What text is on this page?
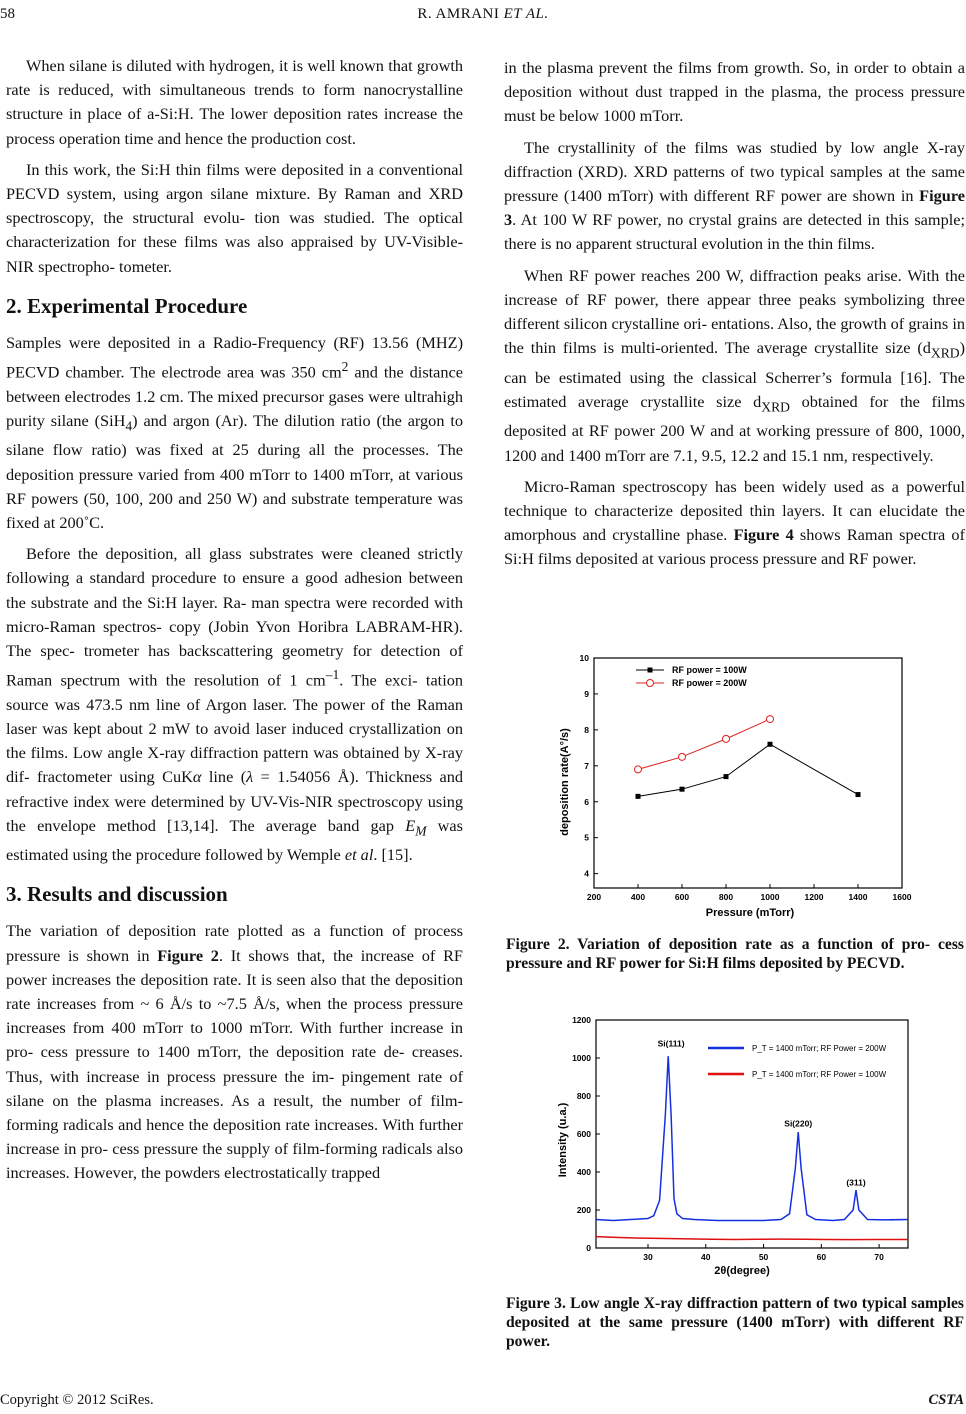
58	R. AMRANI ET AL.

When silane is diluted with hydrogen, it is well known that growth rate is reduced, with simultaneous trends to form nanocrystalline structure in place of a-Si:H. The lower deposition rates increase the process operation time and hence the production cost.

In this work, the Si:H thin films were deposited in a conventional PECVD system, using argon silane mixture. By Raman and XRD spectroscopy, the structural evolu- tion was studied. The optical characterization for these films was also appraised by UV-Visible-NIR spectropho- tometer.

2. Experimental Procedure

Samples were deposited in a Radio-Frequency (RF) 13.56 (MHZ) PECVD chamber. The electrode area was 350 $cm^2$ and the distance between electrodes 1.2 cm. The mixed precursor gases were ultrahigh purity silane (SiH$_4$) and argon (Ar). The dilution ratio (the argon to silane flow ratio) was fixed at 25 during all the processes. The deposition pressure varied from 400 mTorr to 1400 mTorr, at various RF powers (50, 100, 200 and 250 W) and substrate temperature was fixed at 200˚C.

Before the deposition, all glass substrates were cleaned strictly following a standard procedure to ensure a good adhesion between the substrate and the Si:H layer. Ra- man spectra were recorded with micro-Raman spectros- copy (Jobin Yvon Horibra LABRAM-HR). The spec- trometer has backscattering geometry for detection of Raman spectrum with the resolution of 1 $cm^{-1}$. The exci- tation source was 473.5 nm line of Argon laser. The power of the Raman laser was kept about 2 mW to avoid laser induced crystallization on the films. Low angle X-ray diffraction pattern was obtained by X-ray dif- fractometer using CuKα line (λ = 1.54056 Å). Thickness and refractive index were determined by UV-Vis-NIR spectroscopy using the envelope method [13,14]. The average band gap $E_M$ was estimated using the procedure followed by Wemple et al. [15].

3. Results and discussion

The variation of deposition rate plotted as a function of process pressure is shown in Figure 2. It shows that, the increase of RF power increases the deposition rate. It is seen also that the deposition rate increases from ~ 6 Å/s to ~7.5 Å/s, when the process pressure increases from 400 mTorr to 1000 mTorr. With further increase in pro- cess pressure to 1400 mTorr, the deposition rate de- creases. Thus, with increase in process pressure the im- pingement rate of silane on the plasma increases. As a result, the number of film-forming radicals and hence the deposition rate increases. With further increase in pro- cess pressure the supply of film-forming radicals also increases. However, the powders electrostatically trapped

in the plasma prevent the films from growth. So, in order to obtain a deposition without dust trapped in the plasma, the process pressure must be below 1000 mTorr.

The crystallinity of the films was studied by low angle X-ray diffraction (XRD). XRD patterns of two typical samples at the same pressure (1400 mTorr) with different RF power are shown in Figure 3. At 100 W RF power, no crystal grains are detected in this sample; there is no apparent structural evolution in the thin films.

When RF power reaches 200 W, diffraction peaks arise. With the increase of RF power, there appear three peaks symbolizing three different silicon crystalline ori- entations. Also, the growth of grains in the thin films is multi-oriented. The average crystallite size $(d_{XRD})$ can be estimated using the classical Scherrer’s formula [16]. The estimated average crystallite size $d_{XRD}$ obtained for the films deposited at RF power 200 W and at working pressure of 800, 1000, 1200 and 1400 mTorr are 7.1, 9.5, 12.2 and 15.1 nm, respectively.

Micro-Raman spectroscopy has been widely used as a powerful technique to characterize deposited thin layers. It can elucidate the amorphous and crystalline phase. Figure 4 shows Raman spectra of Si:H films deposited at various process pressure and RF power.

200	400	600	800	1000	1200	1400	1600
4
5
6
7
8
9
10
RF power = 100W
RF power = 200W
Pressure (mTorr)
deposition rate(A°/s)
Figure 2. Variation of deposition rate as a function of pro- cess pressure and RF power for Si:H films deposited by PECVD.
30	40	50	60	70
0
200
400
600
800
1000
1200
P_T = 1400 mTorr; RF Power = 200W
P_T = 1400 mTorr; RF Power = 100W
Si(111)
Si(220)
(311)
2θ(degree)
Intensity (u.a.)
Figure 3. Low angle X-ray diffraction pattern of two typical samples deposited at the same pressure (1400 mTorr) with different RF power.
Copyright © 2012 SciRes.	CSTA
